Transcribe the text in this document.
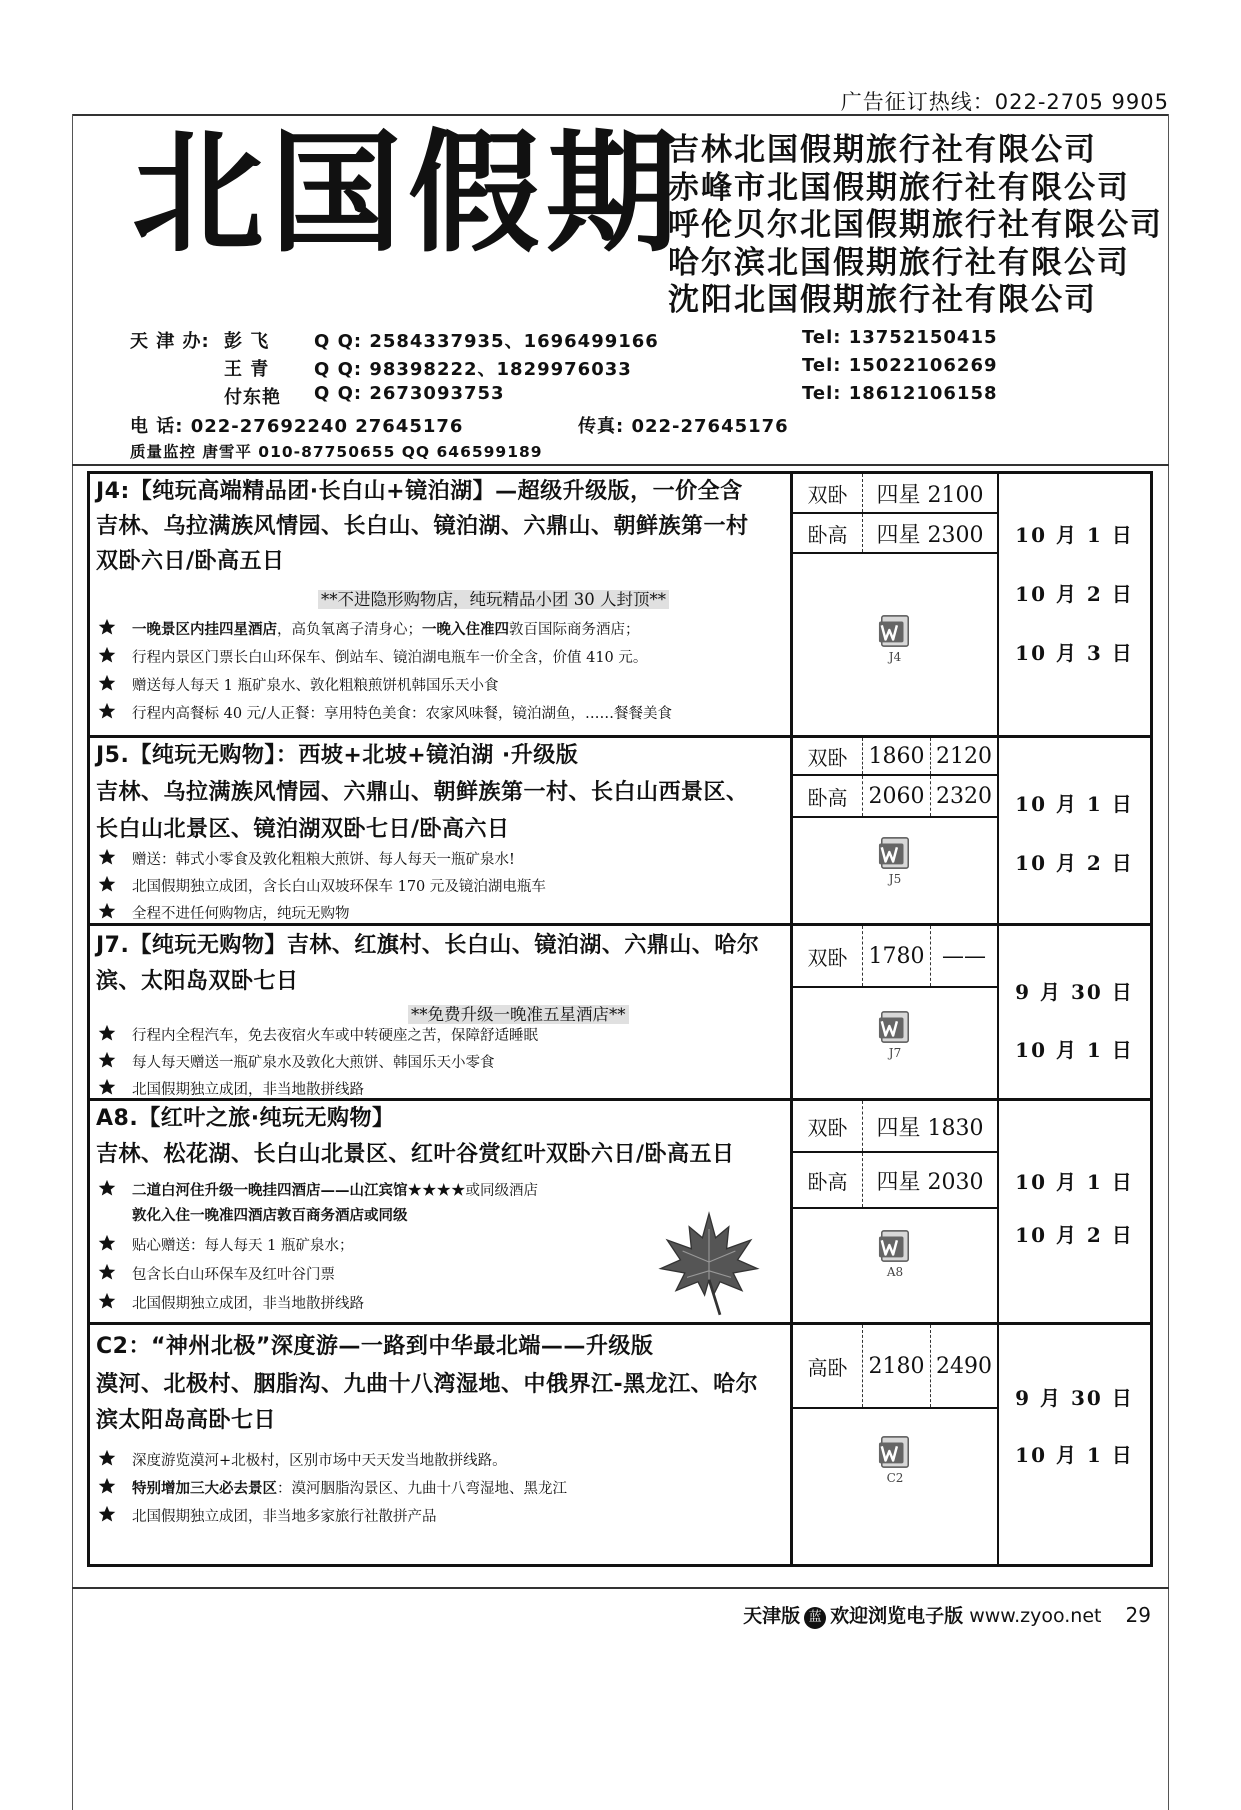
广告征订热线：022-2705 9905
北国假期
吉林北国假期旅行社有限公司
赤峰市北国假期旅行社有限公司
呼伦贝尔北国假期旅行社有限公司
哈尔滨北国假期旅行社有限公司
沈阳北国假期旅行社有限公司
天 津 办: 彭 飞 Q Q: 2584337935、1696499166	Tel: 13752150415
王 青 Q Q: 98398222、1829976033	Tel: 15022106269
付东艳 Q Q: 2673093753	Tel: 18612106158
电 话: 022-27692240 27645176	传真: 022-27645176
质量监控 唐雪平 010-87750655 QQ 646599189
J4:【纯玩高端精品团·长白山+镜泊湖】—超级升级版，一价全含
吉林、乌拉满族风情园、长白山、镜泊湖、六鼎山、朝鲜族第一村
双卧六日/卧高五日
**不进隐形购物店，纯玩精品小团 30 人封顶**
一晚景区内挂四星酒店，高负氧离子清身心；一晚入住准四敦百国际商务酒店；
行程内景区门票长白山环保车、倒站车、镜泊湖电瓶车一价全含，价值 410 元。
赠送每人每天 1 瓶矿泉水、敦化粗粮煎饼机韩国乐天小食
行程内高餐标 40 元/人正餐：享用特色美食：农家风味餐，镜泊湖鱼，……餐餐美食
双卧	四星 2100
卧高	四星 2300
J4
10 月 1 日
10 月 2 日
10 月 3 日
J5.【纯玩无购物】：西坡+北坡+镜泊湖 ·升级版
吉林、乌拉满族风情园、六鼎山、朝鲜族第一村、长白山西景区、
长白山北景区、镜泊湖双卧七日/卧高六日
赠送：韩式小零食及敦化粗粮大煎饼、每人每天一瓶矿泉水!
北国假期独立成团，含长白山双坡环保车 170 元及镜泊湖电瓶车
全程不进任何购物店，纯玩无购物
双卧 1860 2120
卧高 2060 2320
J5
10 月 1 日
10 月 2 日
J7.【纯玩无购物】吉林、红旗村、长白山、镜泊湖、六鼎山、哈尔
滨、太阳岛双卧七日
**免费升级一晚准五星酒店**
行程内全程汽车，免去夜宿火车或中转硬座之苦，保障舒适睡眠
每人每天赠送一瓶矿泉水及敦化大煎饼、韩国乐天小零食
北国假期独立成团，非当地散拼线路
双卧 1780 ——
J7
9 月 30 日
10 月 1 日
A8.【红叶之旅·纯玩无购物】
吉林、松花湖、长白山北景区、红叶谷赏红叶双卧六日/卧高五日
二道白河住升级一晚挂四酒店——山江宾馆★★★★或同级酒店
敦化入住一晚准四酒店敦百商务酒店或同级
贴心赠送：每人每天 1 瓶矿泉水；
包含长白山环保车及红叶谷门票
北国假期独立成团，非当地散拼线路
双卧	四星 1830
卧高	四星 2030
A8
10 月 1 日
10 月 2 日
C2：“神州北极”深度游—一路到中华最北端——升级版
漠河、北极村、胭脂沟、九曲十八湾湿地、中俄界江-黑龙江、哈尔
滨太阳岛高卧七日
深度游览漠河+北极村，区别市场中天天发当地散拼线路。
特别增加三大必去景区：漠河胭脂沟景区、九曲十八弯湿地、黑龙江
北国假期独立成团，非当地多家旅行社散拼产品
高卧 2180 2490
C2
9 月 30 日
10 月 1 日
天津版 蓝 欢迎浏览电子版 www.zyoo.net 29
